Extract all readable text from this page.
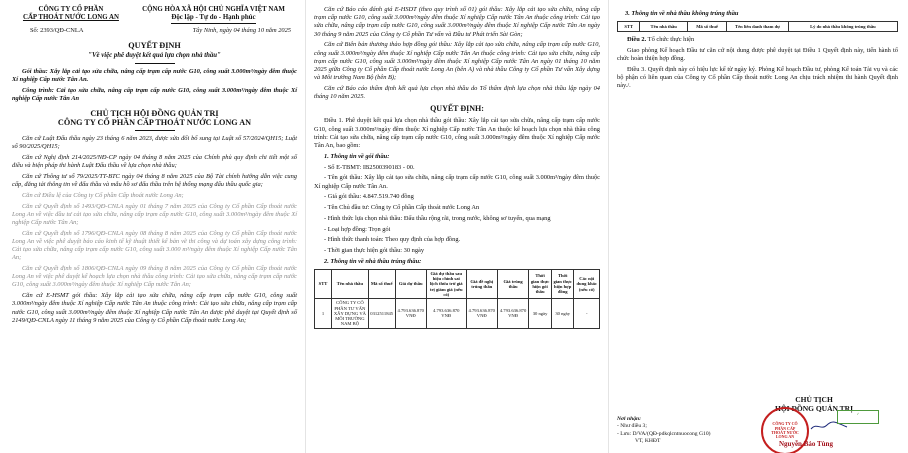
CÔNG TY CỔ PHẦN
CẤP THOÁT NƯỚC LONG AN
CỘNG HÒA XÃ HỘI CHỦ NGHĨA VIỆT NAM
Độc lập - Tự do - Hạnh phúc
Số: 2393/QĐ-CNLA	Tây Ninh, ngày 04 tháng 10 năm 2025
QUYẾT ĐỊNH
"Về việc phê duyệt kết quả lựa chọn nhà thầu"

Gói thầu: Xây lắp cải tạo sửa chữa, nâng cấp trạm cấp nước G10, công suất 3.000m³/ngày đêm thuộc Xí nghiệp Cấp nước Tân An.

Công trình: Cải tạo sửa chữa, nâng cấp trạm cấp nước G10, công suất 3.000m³/ngày đêm thuộc Xí nghiệp Cấp nước Tân An

CHỦ TỊCH HỘI ĐỒNG QUẢN TRỊ
CÔNG TY CỔ PHẦN CẤP THOÁT NƯỚC LONG AN

Căn cứ Luật Đấu thầu ngày 23 tháng 6 năm 2023, được sửa đổi bổ sung tại Luật số 57/2024/QH15; Luật số 90/2025/QH15;

Căn cứ Nghị định 214/2025/NĐ-CP ngày 04 tháng 8 năm 2025 của Chính phủ quy định chi tiết một số điều và biện pháp thi hành Luật Đấu thầu về lựa chọn nhà thầu;

Căn cứ Thông tư số 79/2025/TT-BTC ngày 04 tháng 8 năm 2025 của Bộ Tài chính hướng dẫn việc cung cấp, đăng tải thông tin về đấu thầu và mẫu hồ sơ đấu thầu trên hệ thống mạng đấu thầu quốc gia;

Căn cứ Điều lệ của Công ty Cổ phần Cấp thoát nước Long An;

Căn cứ Quyết định số 1493/QĐ-CNLA ngày 01 tháng 7 năm 2025 của Công ty Cổ phần Cấp thoát nước Long An về việc đầu tư cải tạo sửa chữa, nâng cấp trạm cấp nước G10, công suất 3.000m³/ngày đêm thuộc Xí nghiệp Cấp nước Tân An;

Căn cứ Quyết định số 1796/QĐ-CNLA ngày 08 tháng 8 năm 2025 của Công ty Cổ phần Cấp thoát nước Long An về việc phê duyệt báo cáo kinh tế kỹ thuật thiết kế bản vẽ thi công và dự toán xây dựng công trình: Cải tạo sửa chữa, nâng cấp trạm cấp nước G10, công suất 3.000 m³/ngày đêm thuộc Xí nghiệp Cấp nước Tân An;

Căn cứ Quyết định số 1806/QĐ-CNLA ngày 09 tháng 8 năm 2025 của Công ty Cổ phần Cấp thoát nước Long An về việc phê duyệt kế hoạch lựa chọn nhà thầu công trình: Cải tạo sửa chữa, nâng cấp trạm cấp nước G10, công suất 3.000m³/ngày đêm thuộc Xí nghiệp Cấp nước Tân An;

Căn cứ E-HSMT gói thầu: Xây lắp cải tạo sửa chữa, nâng cấp trạm cấp nước G10, công suất 3.000m³/ngày đêm thuộc Xí nghiệp Cấp nước Tân An thuộc công trình: Cải tạo sửa chữa, nâng cấp trạm cấp nước G10, công suất 3.000m³/ngày đêm thuộc Xí nghiệp Cấp nước Tân An được phê duyệt tại Quyết định số 2149/QĐ-CNLA ngày 11 tháng 9 năm 2025 của Công ty Cổ phần Cấp thoát nước Long An;

Căn cứ Báo cáo đánh giá E-HSDT (theo quy trình số 01) gói thầu: Xây lắp cải tạo sửa chữa, nâng cấp trạm cấp nước G10, công suất 3.000m³/ngày đêm thuộc Xí nghiệp Cấp nước Tân An thuộc công trình: Cải tạo sửa chữa, nâng cấp trạm cấp nước G10, công suất 3.000m³/ngày đêm thuộc Xí nghiệp Cấp nước Tân An ngày 30 tháng 9 năm 2025 của Công ty Cổ phần Tư vấn và Đầu tư Phát triển Sài Gòn;

Căn cứ Biên bản thương thảo hợp đồng gói thầu: Xây lắp cải tạo sửa chữa, nâng cấp trạm cấp nước G10, công suất 3.000m³/ngày đêm thuộc Xí nghiệp Cấp nước Tân An thuộc công trình: Cải tạo sửa chữa, nâng cấp trạm cấp nước G10, công suất 3.000m³/ngày đêm thuộc Xí nghiệp Cấp nước Tân An ngày 01 tháng 10 năm 2025 giữa Công ty Cổ phần Cấp thoát nước Long An (bên A) và nhà thầu Công ty Cổ phần Tư vấn Xây dựng và Môi trường Nam Bộ (bên B);

Căn cứ Báo cáo thẩm định kết quả lựa chọn nhà thầu do Tổ thẩm định lựa chọn nhà thầu lập ngày 04 tháng 10 năm 2025.

QUYẾT ĐỊNH:

Điều 1. Phê duyệt kết quả lựa chọn nhà thầu gói thầu: Xây lắp cải tạo sửa chữa, nâng cấp trạm cấp nước G10, công suất 3.000m³/ngày đêm thuộc Xí nghiệp Cấp nước Tân An thuộc kế hoạch lựa chọn nhà thầu công trình: Cải tạo sửa chữa, nâng cấp trạm cấp nước G10, công suất 3.000m³/ngày đêm thuộc Xí nghiệp Cấp nước Tân An, bao gồm:

1. Thông tin về gói thầu:

- Số E-TBMT: IB2500390183 - 00.

- Tên gói thầu: Xây lắp cải tạo sửa chữa, nâng cấp trạm cấp nước G10, công suất 3.000m³/ngày đêm thuộc Xí nghiệp Cấp nước Tân An.

- Giá gói thầu: 4.847.519.740 đồng

- Tên Chủ đầu tư: Công ty Cổ phần Cấp thoát nước Long An

- Hình thức lựa chọn nhà thầu: Đấu thầu rộng rãi, trong nước, không sơ tuyển, qua mạng

- Loại hợp đồng: Trọn gói

- Hình thức thanh toán: Theo quy định của hợp đồng.

- Thời gian thực hiện gói thầu: 30 ngày

2. Thông tin về nhà thầu trúng thầu:

STT	Tên nhà thầu	Mã số thuế	Giá dự thầu	Giá dự thầu sau hiệu chỉnh sai lệch thừa trừ giá trị giảm giá (nếu có)	Giá đề nghị trúng thầu	Giá trúng thầu	Thời gian thực hiện gói thầu	Thời gian thực hiện hợp đồng	Các nội dung khác (nếu có)
1	CÔNG TY CỔ PHẦN TƯ VẤN XÂY DỰNG VÀ MÔI TRƯỜNG NAM BỘ	0312511845	4.793.636.870 VNĐ	4.793.636.870 VNĐ	4.793.636.870 VNĐ	4.793.636.870 VNĐ	30 ngày	30 ngày	-

3. Thông tin về nhà thầu không trúng thầu

STT	Tên nhà thầu	Mã số thuế	Tên liên danh tham dự	Lý do nhà thầu không trúng thầu

Điều 2. Tổ chức thực hiện

Giao phòng Kế hoạch Đầu tư căn cứ nội dung được phê duyệt tại Điều 1 Quyết định này, tiến hành tổ chức hoàn thiện hợp đồng.

Điều 3. Quyết định này có hiệu lực kể từ ngày ký. Phòng Kế hoạch Đầu tư, phòng Kế toán Tài vụ và các bộ phận có liên quan của Công ty Cổ phần Cấp thoát nước Long An chịu trách nhiệm thi hành Quyết định này./.

CHỦ TỊCH
HỘI ĐỒNG QUẢN TRỊ
CÔNG TY CỔ PHẦN CẤP THOÁT NƯỚC LONG AN
✓
Nguyễn Bảo Tùng
Nơi nhận:
- Như điều 3;
- Lưu: D/VA/(QĐ-pdkqlcntnuocong G10)
VT, KHĐT
